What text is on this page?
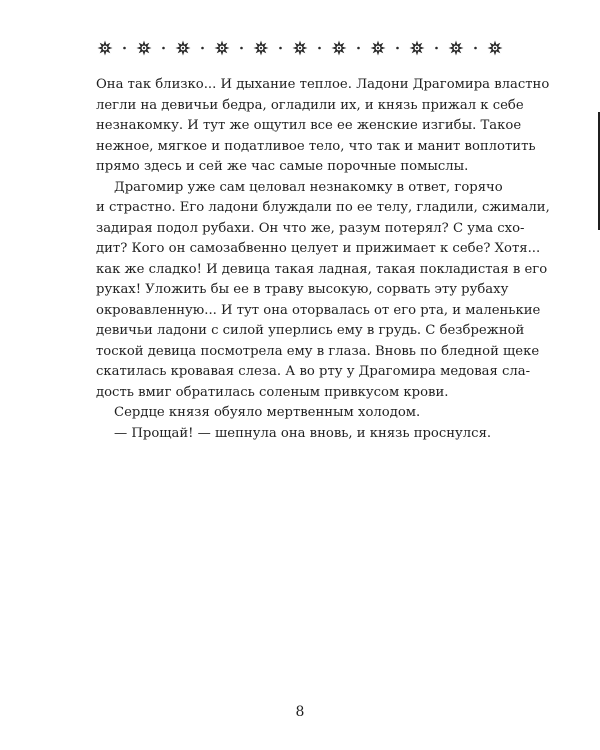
Она так близко... И дыхание теплое. Ладони Драгомира властно
легли на девичьи бедра, огладили их, и князь прижал к себе
незнакомку. И тут же ощутил все ее женские изгибы. Такое
нежное, мягкое и податливое тело, что так и манит воплотить
прямо здесь и сей же час самые порочные помыслы.
Драгомир уже сам целовал незнакомку в ответ, горячо
и страстно. Его ладони блуждали по ее телу, гладили, сжимали,
задирая подол рубахи. Он что же, разум потерял? С ума схо-
дит? Кого он самозабвенно целует и прижимает к себе? Хотя...
как же сладко! И девица такая ладная, такая покладистая в его
руках! Уложить бы ее в траву высокую, сорвать эту рубаху
окровавленную... И тут она оторвалась от его рта, и маленькие
девичьи ладони с силой уперлись ему в грудь. С безбрежной
тоской девица посмотрела ему в глаза. Вновь по бледной щеке
скатилась кровавая слеза. А во рту у Драгомира медовая сла-
дость вмиг обратилась соленым привкусом крови.
Сердце князя обуяло мертвенным холодом.
— Прощай! — шепнула она вновь, и князь проснулся.
8
